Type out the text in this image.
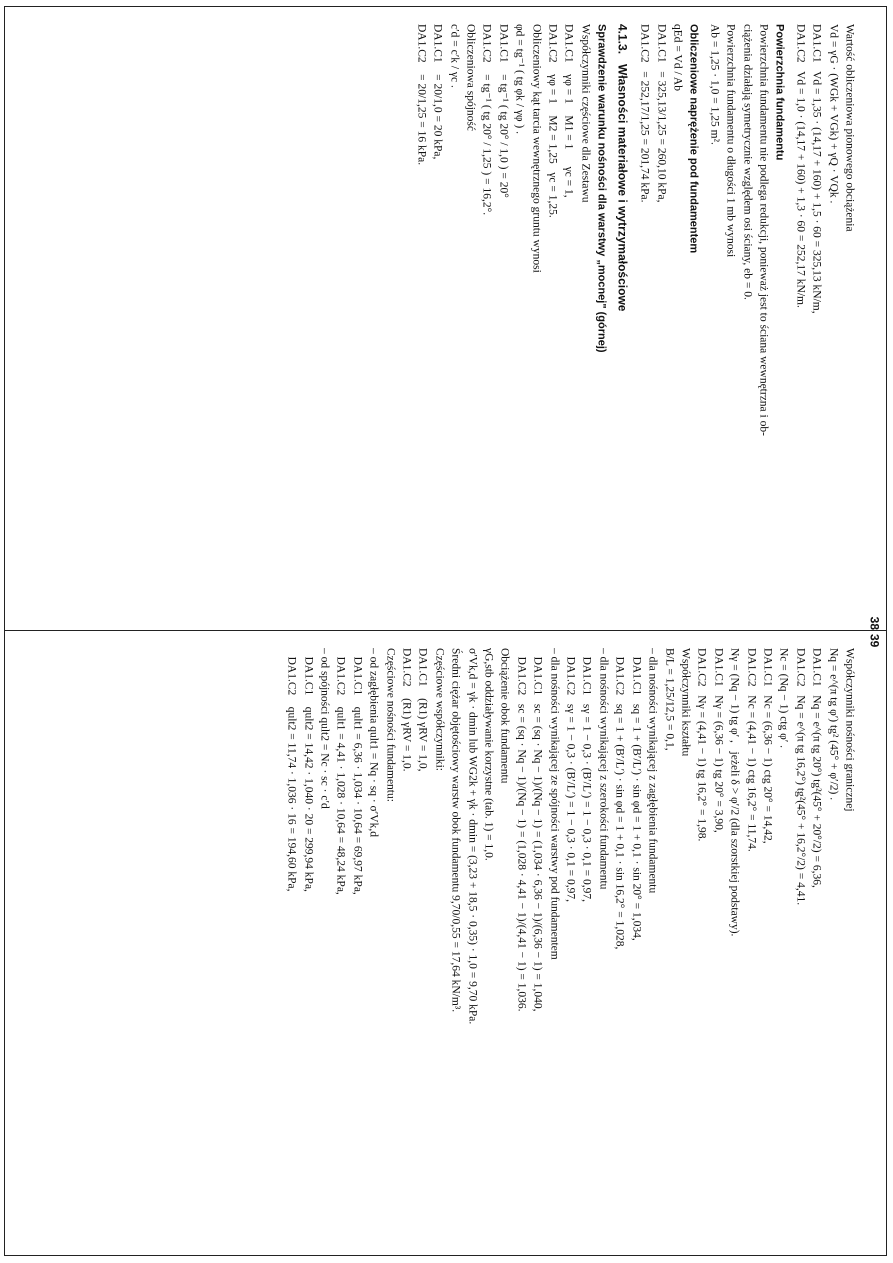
38

Wartość obliczeniowa pionowego obciążenia

Vd = γG · (WGk + VGk) + γQ · VQk .

DA1.C1   Vd = 1,35 · (14,17 + 160) + 1,5 · 60 = 325,13 kN/m,

DA1.C2   Vd = 1,0 · (14,17 + 160) + 1,3 · 60 = 252,17 kN/m.

Powierzchnia fundamentu

Powierzchnia fundamentu nie podlega redukcji, ponieważ jest to ściana wewnętrzna i ob-

ciążenia działają symetrycznie względem osi ściany, eb = 0.

Powierzchnia fundamentu o długości 1 mb wynosi

Ab = 1,25 · 1,0 = 1,25 m².

Obliczeniowe naprężenie pod fundamentem

qEd = Vd / Ab

DA1.C1   = 325,13/1,25 = 260,10 kPa,

DA1.C2   = 252,17/1,25 = 201,74 kPa.

4.1.3.   Własności materiałowe i wytrzymałościowe

Sprawdzenie warunku nośności dla warstwy „mocnej" (górnej)

Współczynniki częściowe dla Zestawu

DA1.C1    γφ = 1    M1 = 1      γc = 1,

DA1.C2    γφ = 1    M2 = 1,25   γc = 1,25.

Obliczeniowy kąt tarcia wewnętrznego gruntu wynosi

φd = tg⁻¹ ( tg φk / γφ ) .

DA1.C1    = tg⁻¹ ( tg 20° / 1,0 ) = 20°

DA1.C2    = tg⁻¹ ( tg 20° / 1,25 ) = 16,2°.

Obliczeniowa spójność

c′d = c′k / γc .

DA1.C1    = 20/1,0 = 20 kPa,

DA1.C2    = 20/1,25 = 16 kPa.

39

Współczynniki nośności granicznej

Nq = e^(π tg φ′) tg² (45° + φ′/2) .

DA1.C1   Nq = e^(π tg 20°) tg²(45° + 20°/2) = 6,36,

DA1.C2   Nq = e^(π tg 16,2°) tg²(45° + 16,2°/2) = 4,41.

Nc = (Nq − 1) ctg φ′ .

DA1.C1   Nc = (6,36 − 1) ctg 20° = 14,42,

DA1.C2   Nc = (4,41 − 1) ctg 16,2° = 11,74.

Nγ = (Nq − 1) tg φ′ ,   jeżeli δ > φ′/2 (dla szorstkiej podstawy).

DA1.C1   Nγ = (6,36 − 1) tg 20° = 3,90,

DA1.C2   Nγ = (4,41 − 1) tg 16,2° = 1,98.

Współczynniki kształtu

B/L = 1,25/12,5 = 0,1,

– dla nośności wynikającej z zagłębienia fundamentu

DA1.C1   sq = 1 + (B′/L′) · sin φd = 1 + 0,1 · sin 20° = 1,034,

DA1.C2   sq = 1 + (B′/L′) · sin φd = 1 + 0,1 · sin 16,2° = 1,028,

– dla nośności wynikającej z szerokości fundamentu

DA1.C1   sγ = 1 − 0,3 · (B′/L′) = 1 − 0,3 · 0,1 = 0,97,

DA1.C2   sγ = 1 − 0,3 · (B′/L′) = 1 − 0,3 · 0,1 = 0,97,

– dla nośności wynikającej ze spójności warstwy pod fundamentem

DA1.C1   sc = (sq · Nq − 1)/(Nq − 1) = (1,034 · 6,36 − 1)/(6,36 − 1) = 1,040,

DA1.C2   sc = (sq · Nq − 1)/(Nq − 1) = (1,028 · 4,41 − 1)/(4,41 − 1) = 1,036.

Obciążenie obok fundamentu

γG,stb oddziaływanie korzystne (tab. 1) = 1,0.

σ′Vk,d = γk · dmin lub WG2k + γk · dmin = (3,23 + 18,5 · 0,35) · 1,0 = 9,70 kPa.

Średni ciężar objętościowy warstw obok fundamentu 9,70/0,55 = 17,64 kN/m³.

Częściowe współczynniki:

DA1.C1    (R1) γRV = 1,0,

DA1.C2    (R1) γRV = 1,0.

Częściowe nośności fundamentu:

– od zagłębienia qult1 = Nq · sq · σ′Vk,d

DA1.C1    qult1 = 6,36 · 1,034 · 10,64 = 69,97 kPa,

DA1.C2    qult1 = 4,41 · 1,028 · 10,64 = 48,24 kPa,

– od spójności qult2 = Nc · sc · c′d

DA1.C1    qult2 = 14,42 · 1,040 · 20 = 299,94 kPa,

DA1.C2    qult2 = 11,74 · 1,036 · 16 = 194,60 kPa,
